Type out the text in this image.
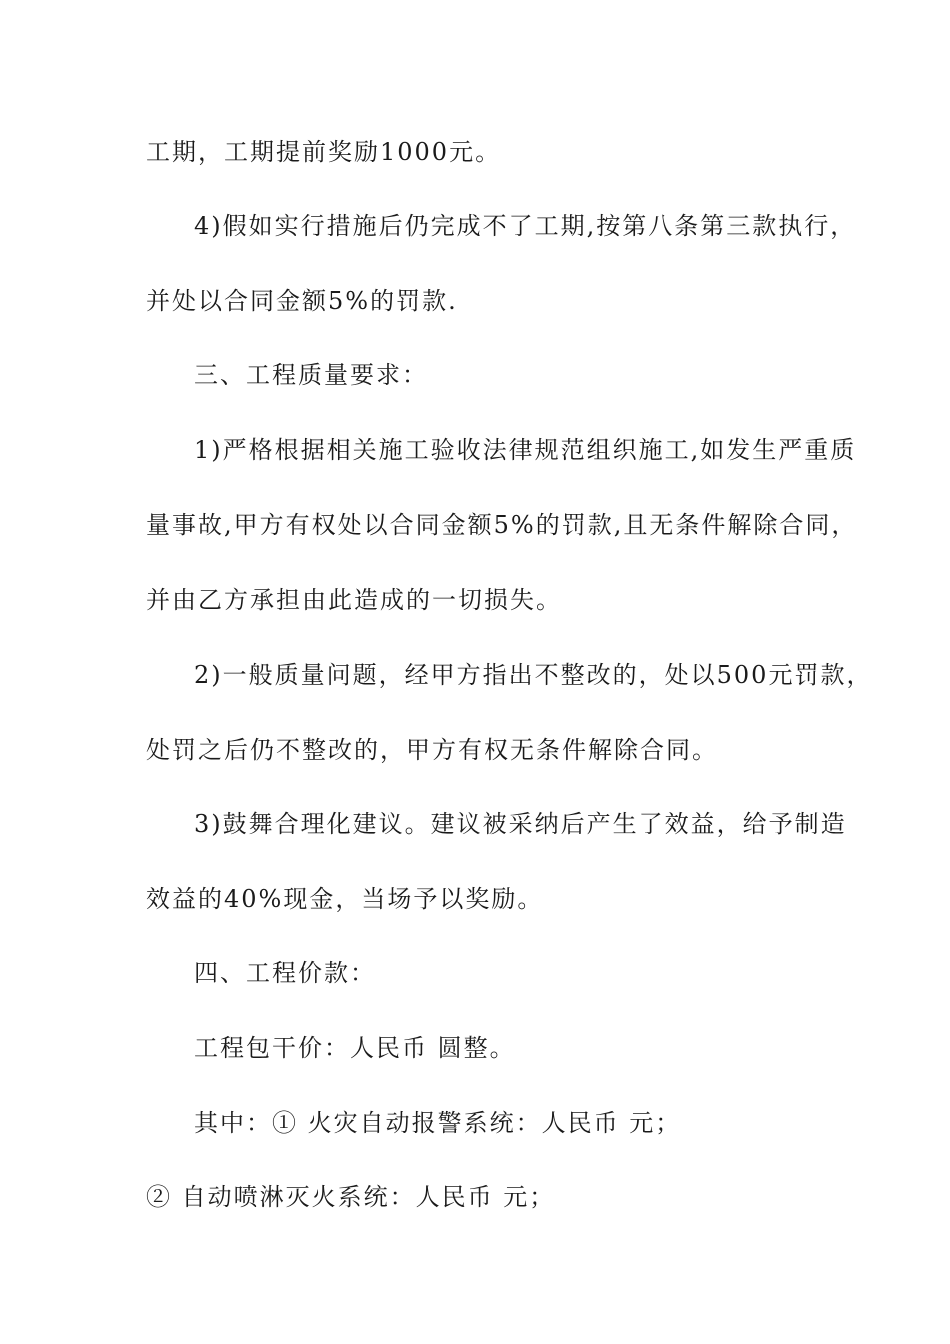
工期，工期提前奖励1000元。
4)假如实行措施后仍完成不了工期,按第八条第三款执行，
并处以合同金额5%的罚款.
三、工程质量要求：
1)严格根据相关施工验收法律规范组织施工,如发生严重质
量事故,甲方有权处以合同金额5%的罚款,且无条件解除合同，
并由乙方承担由此造成的一切损失。
2)一般质量问题，经甲方指出不整改的，处以500元罚款，
处罚之后仍不整改的，甲方有权无条件解除合同。
3)鼓舞合理化建议。建议被采纳后产生了效益，给予制造
效益的40%现金，当场予以奖励。
四、工程价款：
工程包干价：人民币 圆整。
其中：① 火灾自动报警系统：人民币 元；
② 自动喷淋灭火系统：人民币 元；
